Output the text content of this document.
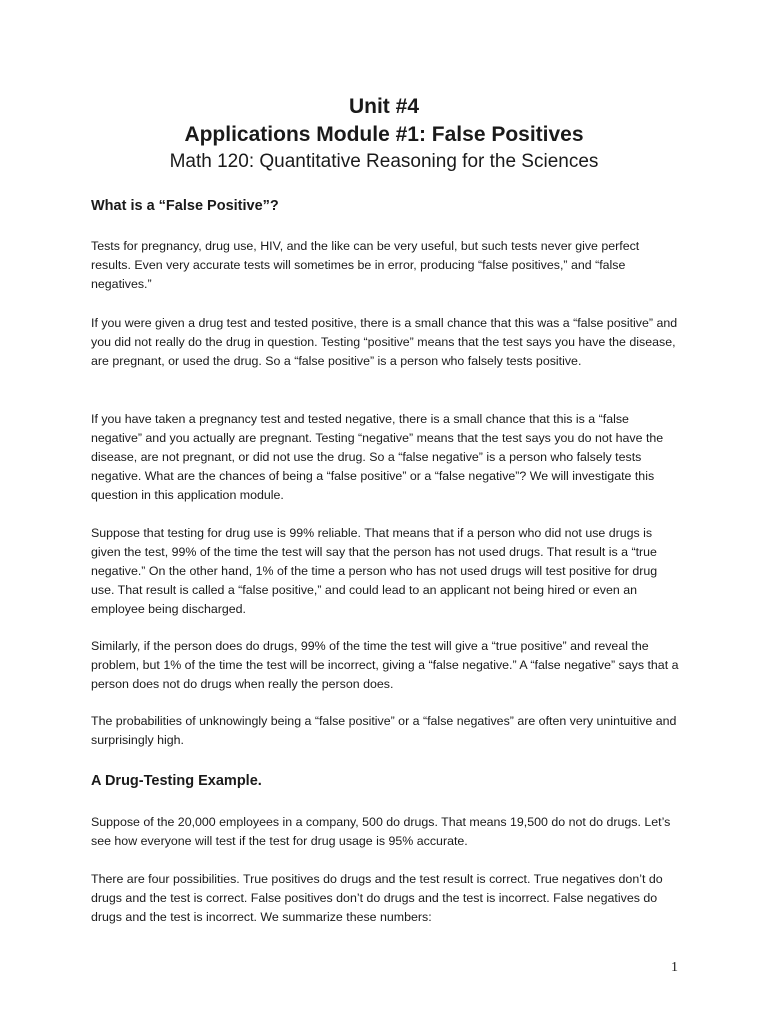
Unit #4
Applications Module #1: False Positives
Math 120: Quantitative Reasoning for the Sciences
What is a “False Positive”?

Tests for pregnancy, drug use, HIV, and the like can be very useful, but such tests never give perfect results. Even very accurate tests will sometimes be in error, producing “false positives,” and “false negatives.”

If you were given a drug test and tested positive, there is a small chance that this was a “false positive” and you did not really do the drug in question. Testing “positive” means that the test says you have the disease, are pregnant, or used the drug. So a “false positive” is a person who falsely tests positive.

If you have taken a pregnancy test and tested negative, there is a small chance that this is a “false negative” and you actually are pregnant. Testing “negative” means that the test says you do not have the disease, are not pregnant, or did not use the drug. So a “false negative” is a person who falsely tests negative. What are the chances of being a “false positive” or a “false negative”? We will investigate this question in this application module.

Suppose that testing for drug use is 99% reliable. That means that if a person who did not use drugs is given the test, 99% of the time the test will say that the person has not used drugs. That result is a “true negative.” On the other hand, 1% of the time a person who has not used drugs will test positive for drug use. That result is called a “false positive,” and could lead to an applicant not being hired or even an employee being discharged.

Similarly, if the person does do drugs, 99% of the time the test will give a “true positive” and reveal the problem, but 1% of the time the test will be incorrect, giving a “false negative.” A “false negative” says that a person does not do drugs when really the person does.

The probabilities of unknowingly being a “false positive” or a “false negatives” are often very unintuitive and surprisingly high.

A Drug-Testing Example.

Suppose of the 20,000 employees in a company, 500 do drugs. That means 19,500 do not do drugs. Let’s see how everyone will test if the test for drug usage is 95% accurate.

There are four possibilities. True positives do drugs and the test result is correct. True negatives don’t do drugs and the test is correct. False positives don’t do drugs and the test is incorrect. False negatives do drugs and the test is incorrect. We summarize these numbers:

1
